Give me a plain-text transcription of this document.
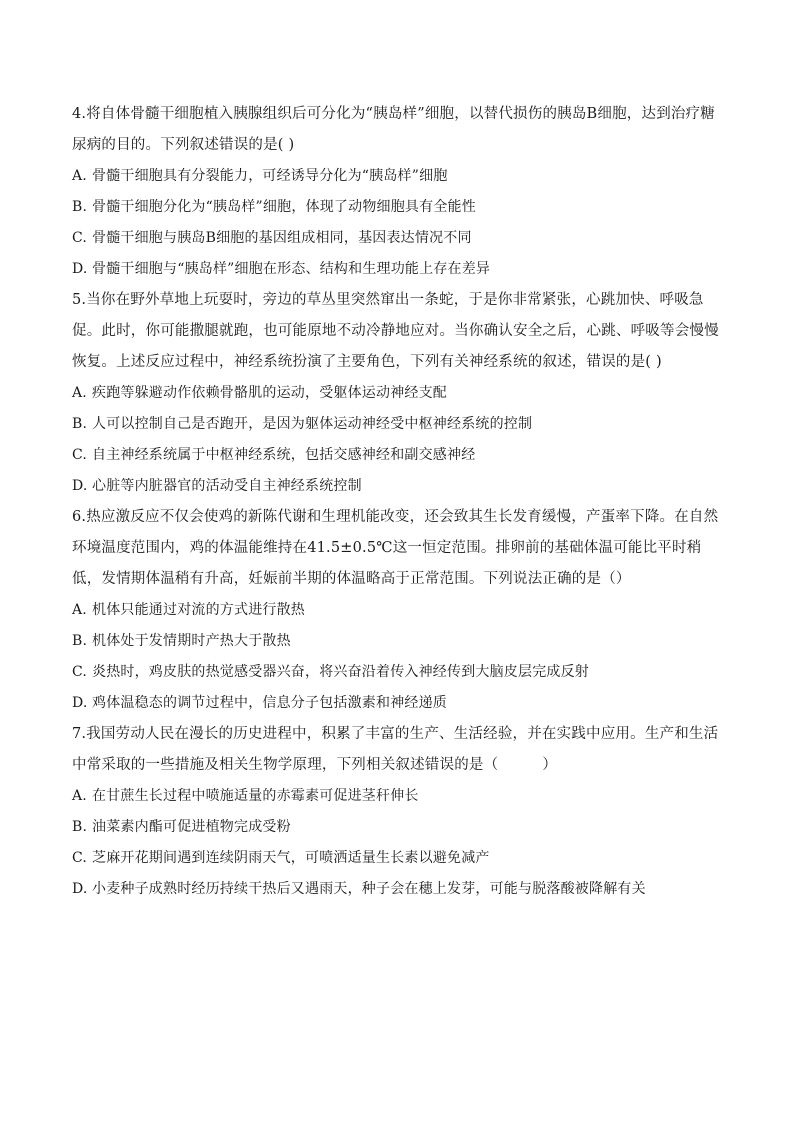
4.将自体骨髓干细胞植入胰腺组织后可分化为“胰岛样”细胞，以替代损伤的胰岛B细胞，达到治疗糖尿病的目的。下列叙述错误的是( )

A. 骨髓干细胞具有分裂能力，可经诱导分化为“胰岛样”细胞

B. 骨髓干细胞分化为“胰岛样”细胞，体现了动物细胞具有全能性

C. 骨髓干细胞与胰岛B细胞的基因组成相同，基因表达情况不同

D. 骨髓干细胞与“胰岛样”细胞在形态、结构和生理功能上存在差异

5.当你在野外草地上玩耍时，旁边的草丛里突然窜出一条蛇，于是你非常紧张，心跳加快、呼吸急促。此时，你可能撒腿就跑，也可能原地不动冷静地应对。当你确认安全之后，心跳、呼吸等会慢慢恢复。上述反应过程中，神经系统扮演了主要角色，下列有关神经系统的叙述，错误的是( )

A. 疾跑等躲避动作依赖骨骼肌的运动，受躯体运动神经支配

B. 人可以控制自己是否跑开，是因为躯体运动神经受中枢神经系统的控制

C. 自主神经系统属于中枢神经系统，包括交感神经和副交感神经

D. 心脏等内脏器官的活动受自主神经系统控制

6.热应激反应不仅会使鸡的新陈代谢和生理机能改变，还会致其生长发育缓慢，产蛋率下降。在自然环境温度范围内，鸡的体温能维持在41.5±0.5℃这一恒定范围。排卵前的基础体温可能比平时稍低，发情期体温稍有升高，妊娠前半期的体温略高于正常范围。下列说法正确的是（）

A. 机体只能通过对流的方式进行散热

B. 机体处于发情期时产热大于散热

C. 炎热时，鸡皮肤的热觉感受器兴奋，将兴奋沿着传入神经传到大脑皮层完成反射

D. 鸡体温稳态的调节过程中，信息分子包括激素和神经递质

7.我国劳动人民在漫长的历史进程中，积累了丰富的生产、生活经验，并在实践中应用。生产和生活中常采取的一些措施及相关生物学原理，下列相关叙述错误的是（　　　）

A. 在甘蔗生长过程中喷施适量的赤霉素可促进茎秆伸长

B. 油菜素内酯可促进植物完成受粉

C. 芝麻开花期间遇到连续阴雨天气，可喷洒适量生长素以避免减产

D. 小麦种子成熟时经历持续干热后又遇雨天，种子会在穗上发芽，可能与脱落酸被降解有关
